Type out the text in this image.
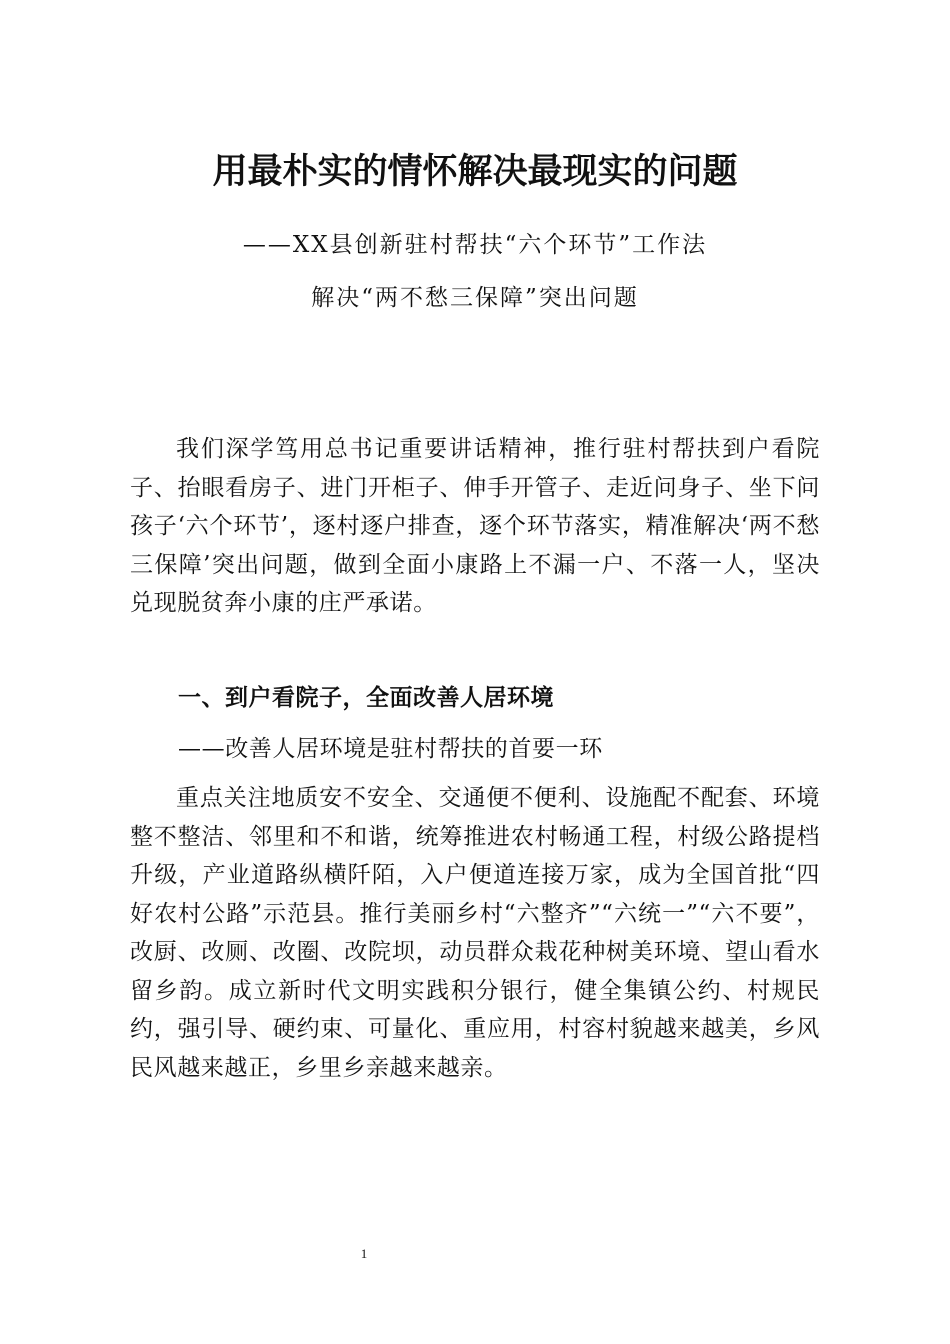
用最朴实的情怀解决最现实的问题
——XX县创新驻村帮扶“六个环节”工作法
解决“两不愁三保障”突出问题

我们深学笃用总书记重要讲话精神，推行驻村帮扶到户看院子、抬眼看房子、进门开柜子、伸手开管子、走近问身子、坐下问孩子‘六个环节’，逐村逐户排查，逐个环节落实，精准解决‘两不愁三保障’突出问题，做到全面小康路上不漏一户、不落一人，坚决兑现脱贫奔小康的庄严承诺。

一、到户看院子，全面改善人居环境
——改善人居环境是驻村帮扶的首要一环

重点关注地质安不安全、交通便不便利、设施配不配套、环境整不整洁、邻里和不和谐，统筹推进农村畅通工程，村级公路提档升级，产业道路纵横阡陌，入户便道连接万家，成为全国首批“四好农村公路”示范县。推行美丽乡村“六整齐”“六统一”“六不要”，改厨、改厕、改圈、改院坝，动员群众栽花种树美环境、望山看水留乡韵。成立新时代文明实践积分银行，健全集镇公约、村规民约，强引导、硬约束、可量化、重应用，村容村貌越来越美，乡风民风越来越正，乡里乡亲越来越亲。

1
